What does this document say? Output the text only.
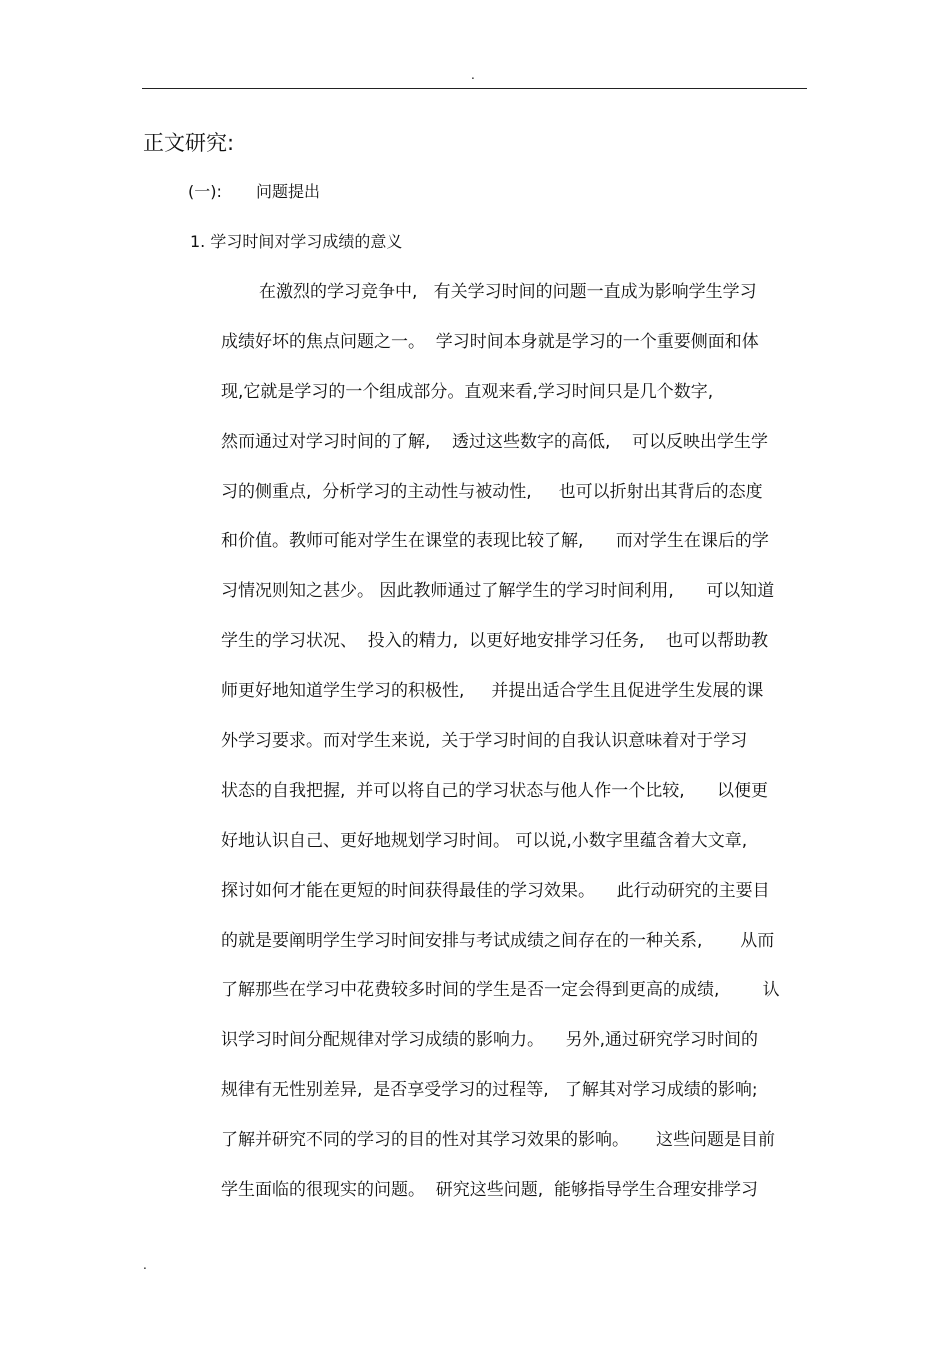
.
正文研究:
(一): 问题提出
1. 学习时间对学习成绩的意义
在激烈的学习竞争中,   有关学习时间的问题一直成为影响学生学习
成绩好坏的焦点问题之一。  学习时间本身就是学习的一个重要侧面和体
现,它就是学习的一个组成部分。直观来看,学习时间只是几个数字,
然而通过对学习时间的了解,    透过这些数字的高低,    可以反映出学生学
习的侧重点,  分析学习的主动性与被动性,     也可以折射出其背后的态度
和价值。教师可能对学生在课堂的表现比较了解,      而对学生在课后的学
习情况则知之甚少。 因此教师通过了解学生的学习时间利用,      可以知道
学生的学习状况、  投入的精力,  以更好地安排学习任务,    也可以帮助教
师更好地知道学生学习的积极性,     并提出适合学生且促进学生发展的课
外学习要求。而对学生来说,  关于学习时间的自我认识意味着对于学习
状态的自我把握,  并可以将自己的学习状态与他人作一个比较,      以便更
好地认识自己、更好地规划学习时间。 可以说,小数字里蕴含着大文章,
探讨如何才能在更短的时间获得最佳的学习效果。    此行动研究的主要目
的就是要阐明学生学习时间安排与考试成绩之间存在的一种关系,       从而
了解那些在学习中花费较多时间的学生是否一定会得到更高的成绩,        认
识学习时间分配规律对学习成绩的影响力。    另外,通过研究学习时间的
规律有无性别差异,  是否享受学习的过程等,   了解其对学习成绩的影响;
了解并研究不同的学习的目的性对其学习效果的影响。     这些问题是目前
学生面临的很现实的问题。  研究这些问题,  能够指导学生合理安排学习
.
